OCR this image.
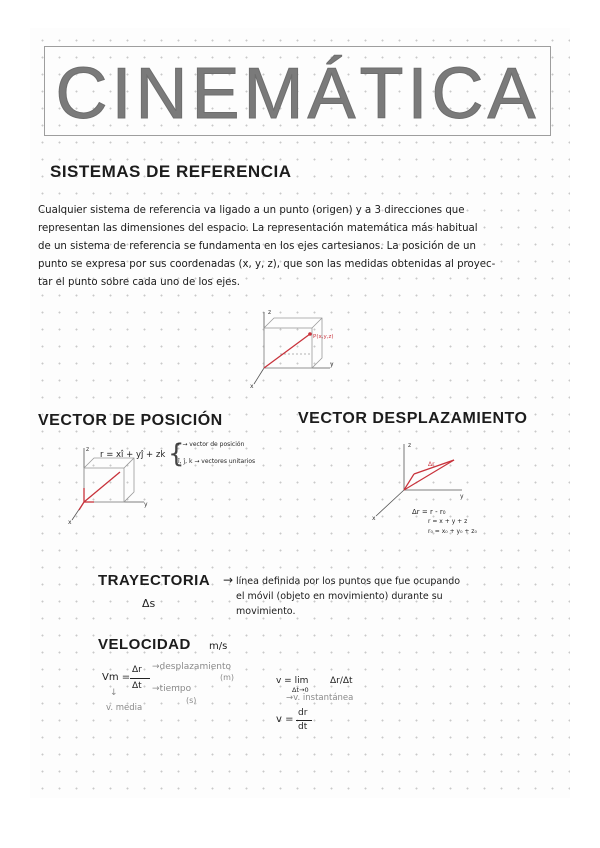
CINEMÁTICA
SISTEMAS DE REFERENCIA

Cualquier sistema de referencia va ligado a un punto (origen) y a 3 direcciones que

representan las dimensiones del espacio. La representación matemática más habitual

de un sistema de referencia se fundamenta en los ejes cartesianos. La posición de un

punto se expresa por sus coordenadas (x, y, z), que son las medidas obtenidas al proyec-

tar el punto sobre cada uno de los ejes.

z
y
x
P(x,y,z)
VECTOR DE POSICIÓN
r = xî + yĵ + zk {
r → vector de posición
î, ĵ, k → vectores unitarios
z
y
x
VECTOR DESPLAZAMIENTO
z
y
x
Δr
Δr = r - r₀
r = x + y + z
r₀ = x₀ + y₀ + z₀
TRAYECTORIA
Δs
→ línea definida por los puntos que fue ocupando

el móvil (objeto en movimiento) durante su

movimiento.

VELOCIDAD m/s
Vm =
Δr
Δt
→desplazamiento
(m)
→tiempo
(s)
↓
v. media
v = lim
Δt→0
Δr/Δt
→v. instantánea
v =
dr
dt
